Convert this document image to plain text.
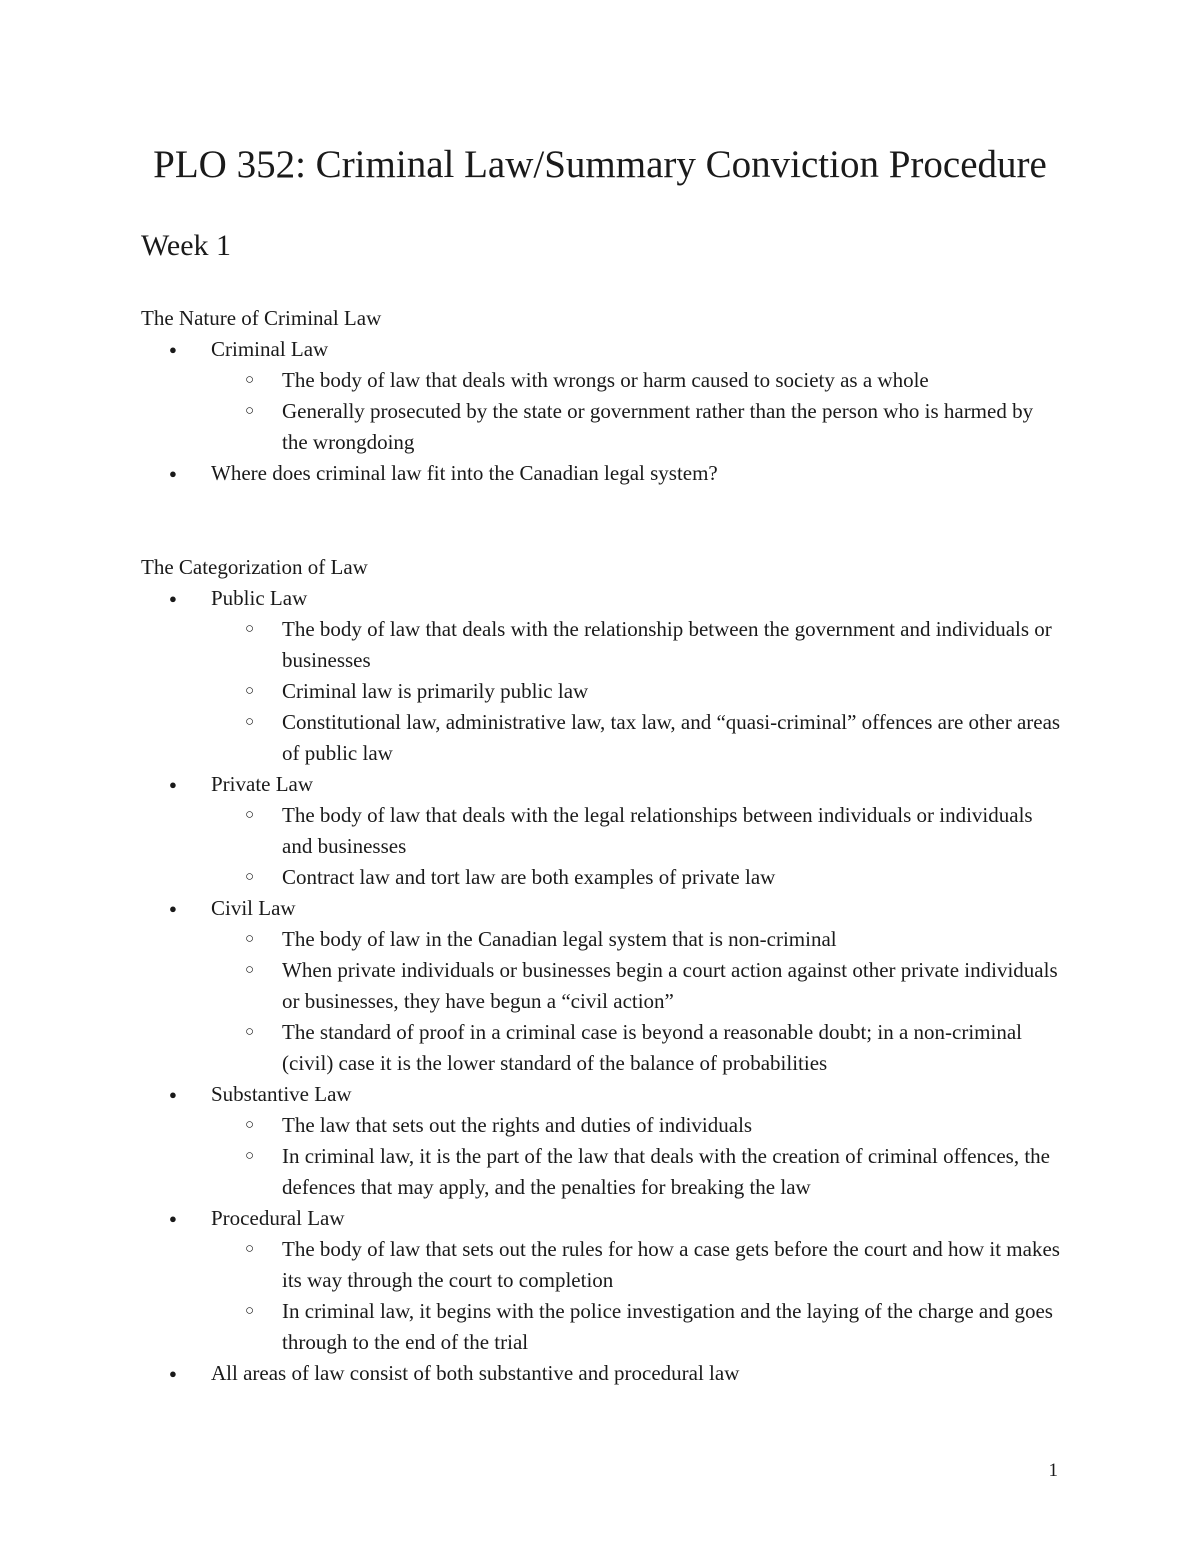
PLO 352: Criminal Law/Summary Conviction Procedure
Week 1
The Nature of Criminal Law
● Criminal Law
○ The body of law that deals with wrongs or harm caused to society as a whole
○ Generally prosecuted by the state or government rather than the person who is harmed by the wrongdoing
● Where does criminal law fit into the Canadian legal system?
The Categorization of Law
● Public Law
○ The body of law that deals with the relationship between the government and individuals or businesses
○ Criminal law is primarily public law
○ Constitutional law, administrative law, tax law, and “quasi-criminal” offences are other areas of public law
● Private Law
○ The body of law that deals with the legal relationships between individuals or individuals and businesses
○ Contract law and tort law are both examples of private law
● Civil Law
○ The body of law in the Canadian legal system that is non-criminal
○ When private individuals or businesses begin a court action against other private individuals or businesses, they have begun a “civil action”
○ The standard of proof in a criminal case is beyond a reasonable doubt; in a non-criminal (civil) case it is the lower standard of the balance of probabilities
● Substantive Law
○ The law that sets out the rights and duties of individuals
○ In criminal law, it is the part of the law that deals with the creation of criminal offences, the defences that may apply, and the penalties for breaking the law
● Procedural Law
○ The body of law that sets out the rules for how a case gets before the court and how it makes its way through the court to completion
○ In criminal law, it begins with the police investigation and the laying of the charge and goes through to the end of the trial
● All areas of law consist of both substantive and procedural law
1
